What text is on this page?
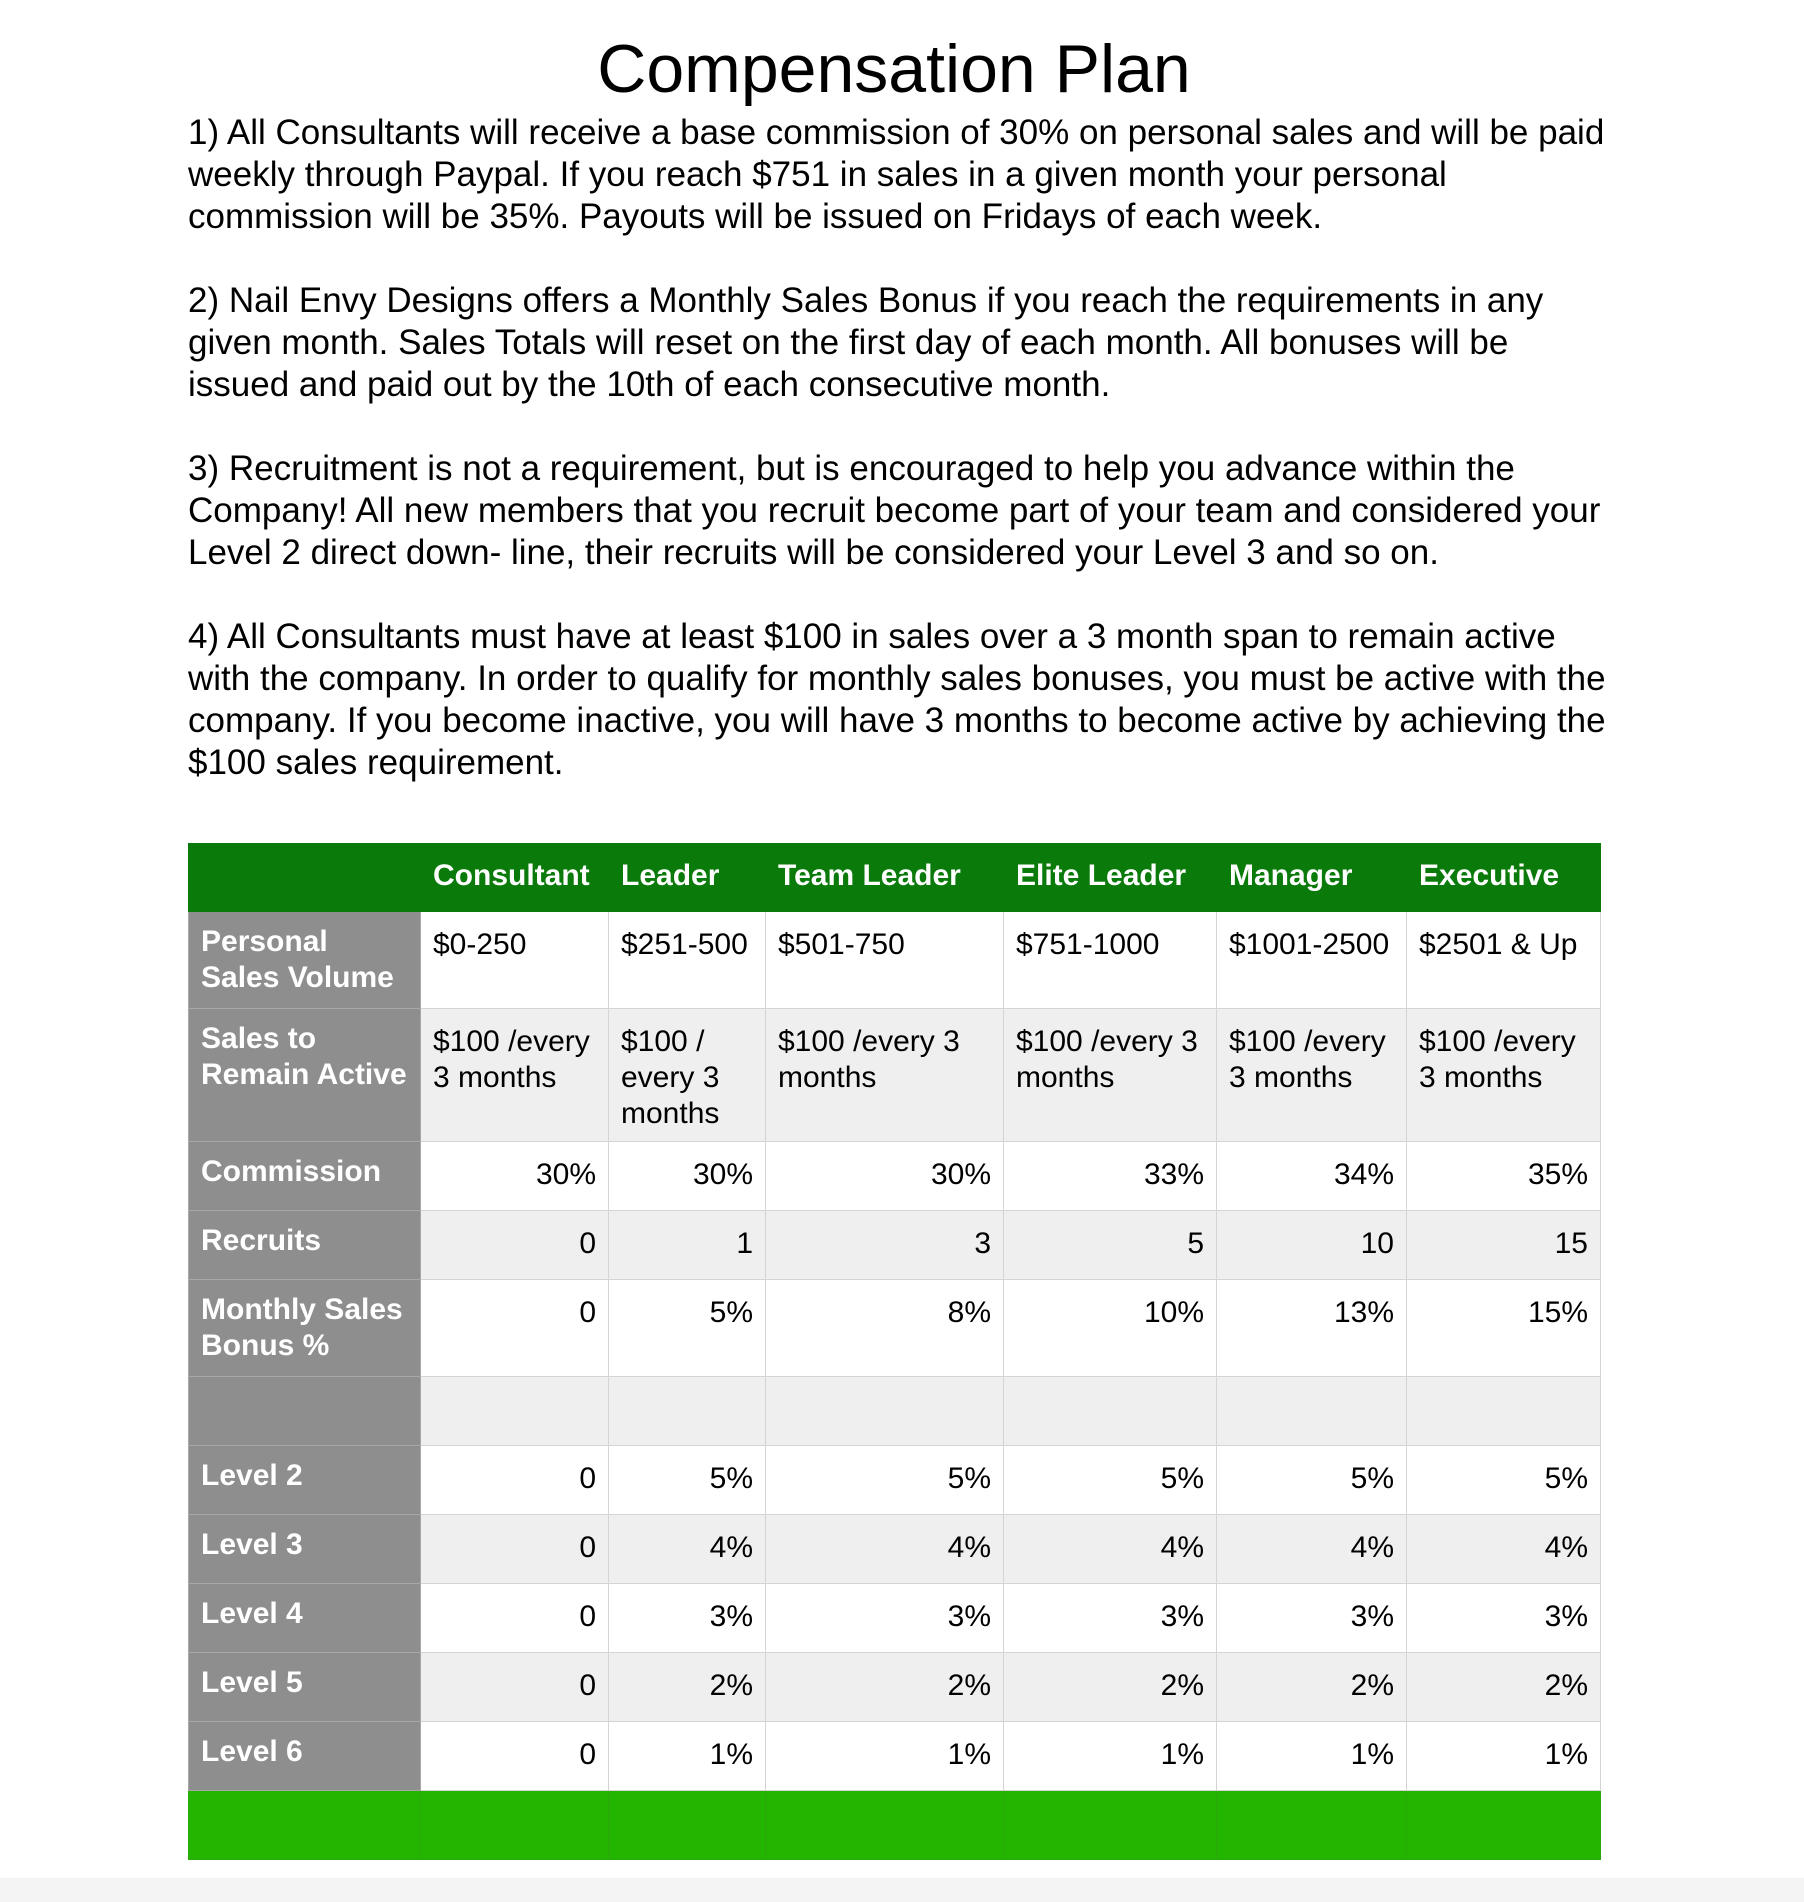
Compensation Plan

1) All Consultants will receive a base commission of 30% on personal sales and will be paid weekly through Paypal. If you reach $751 in sales in a given month your personal commission will be 35%. Payouts will be issued on Fridays of each week.

2) Nail Envy Designs offers a Monthly Sales Bonus if you reach the requirements in any given month. Sales Totals will reset on the first day of each month. All bonuses will be issued and paid out by the 10th of each consecutive month.

3) Recruitment is not a requirement, but is encouraged to help you advance within the Company! All new members that you recruit become part of your team and considered your Level 2 direct down- line, their recruits will be considered your Level 3 and so on.

4) All Consultants must have at least $100 in sales over a 3 month span to remain active with the company. In order to qualify for monthly sales bonuses, you must be active with the company. If you become inactive, you will have 3 months to become active by achieving the $100 sales requirement.

	Consultant	Leader	Team Leader	Elite Leader	Manager	Executive
Personal Sales Volume	$0-250	$251-500	$501-750	$751-1000	$1001-2500	$2501 & Up
Sales to Remain Active	$100 /every 3 months	$100 / every 3 months	$100 /every 3 months	$100 /every 3 months	$100 /every 3 months	$100 /every 3 months
Commission	30%	30%	30%	33%	34%	35%
Recruits	0	1	3	5	10	15
Monthly Sales Bonus %	0	5%	8%	10%	13%	15%

Level 2	0	5%	5%	5%	5%	5%
Level 3	0	4%	4%	4%	4%	4%
Level 4	0	3%	3%	3%	3%	3%
Level 5	0	2%	2%	2%	2%	2%
Level 6	0	1%	1%	1%	1%	1%
